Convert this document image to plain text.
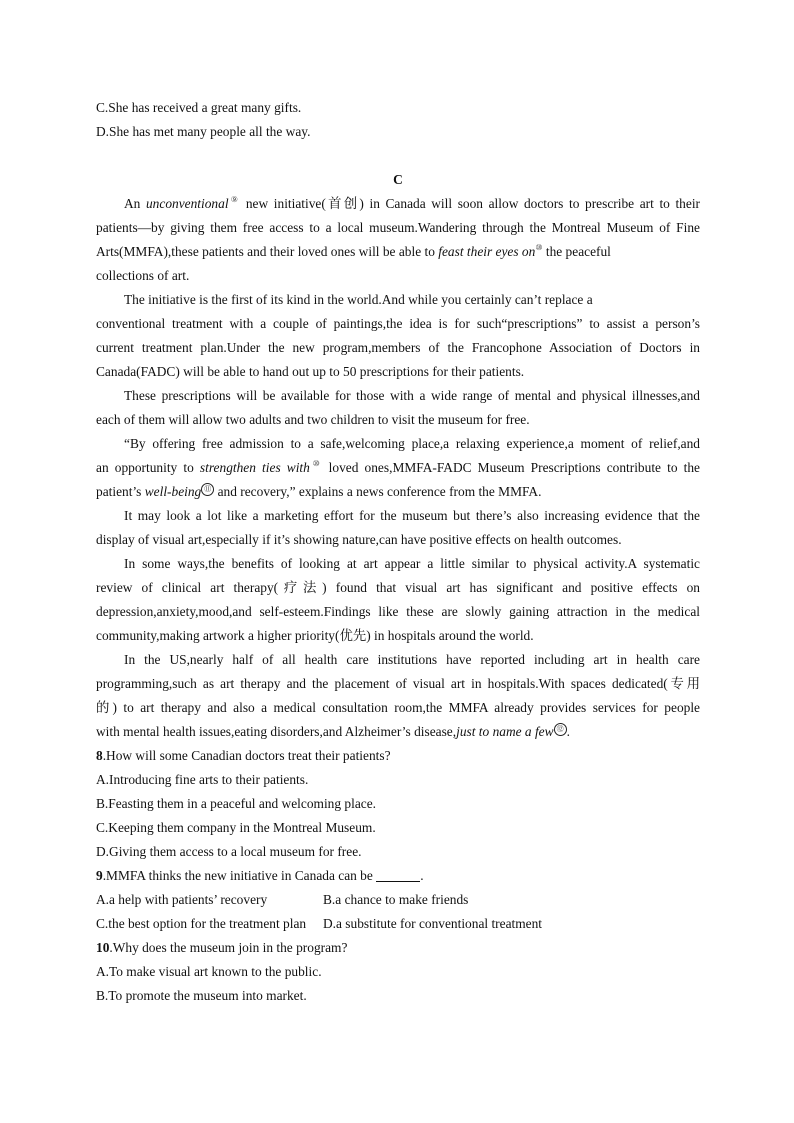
C.She has received a great many gifts.
D.She has met many people all the way.
C
An unconventional⑨ new initiative(首创) in Canada will soon allow doctors to prescribe art to their
patients—by giving them free access to a local museum.Wandering through the Montreal Museum of Fine
Arts(MMFA),these patients and their loved ones will be able to feast their eyes on⑩ the peaceful
collections of art.
The initiative is the first of its kind in the world.And while you certainly can’t replace a
conventional treatment with a couple of paintings,the idea is for such“prescriptions” to assist a person’s
current treatment plan.Under the new program,members of the Francophone Association of Doctors in
Canada(FADC) will be able to hand out up to 50 prescriptions for their patients.
These prescriptions will be available for those with a wide range of mental and physical illnesses,and
each of them will allow two adults and two children to visit the museum for free.
“By offering free admission to a safe,welcoming place,a relaxing experience,a moment of relief,and
an opportunity to strengthen ties with⑩ loved ones,MMFA-FADC Museum Prescriptions contribute to the
patient’s well-being ⑪ and recovery,” explains a news conference from the MMFA.
It may look a lot like a marketing effort for the museum but there’s also increasing evidence that the
display of visual art,especially if it’s showing nature,can have positive effects on health outcomes.
In some ways,the benefits of looking at art appear a little similar to physical activity.A systematic
review of clinical art therapy(疗法) found that visual art has significant and positive effects on
depression,anxiety,mood,and self-esteem.Findings like these are slowly gaining attraction in the medical
community,making artwork a higher priority(优先) in hospitals around the world.
In the US,nearly half of all health care institutions have reported including art in health care
programming,such as art therapy and the placement of visual art in hospitals.With spaces dedicated(专用
的) to art therapy and also a medical consultation room,the MMFA already provides services for people
with mental health issues,eating disorders,and Alzheimer’s disease,just to name a few ⑫ .
8.How will some Canadian doctors treat their patients?
A.Introducing fine arts to their patients.
B.Feasting them in a peaceful and welcoming place.
C.Keeping them company in the Montreal Museum.
D.Giving them access to a local museum for free.
9.MMFA thinks the new initiative in Canada can be	.
A.a help with patients’ recovery	B.a chance to make friends
C.the best option for the treatment plan D.a substitute for conventional treatment
10.Why does the museum join in the program?
A.To make visual art known to the public.
B.To promote the museum into market.
